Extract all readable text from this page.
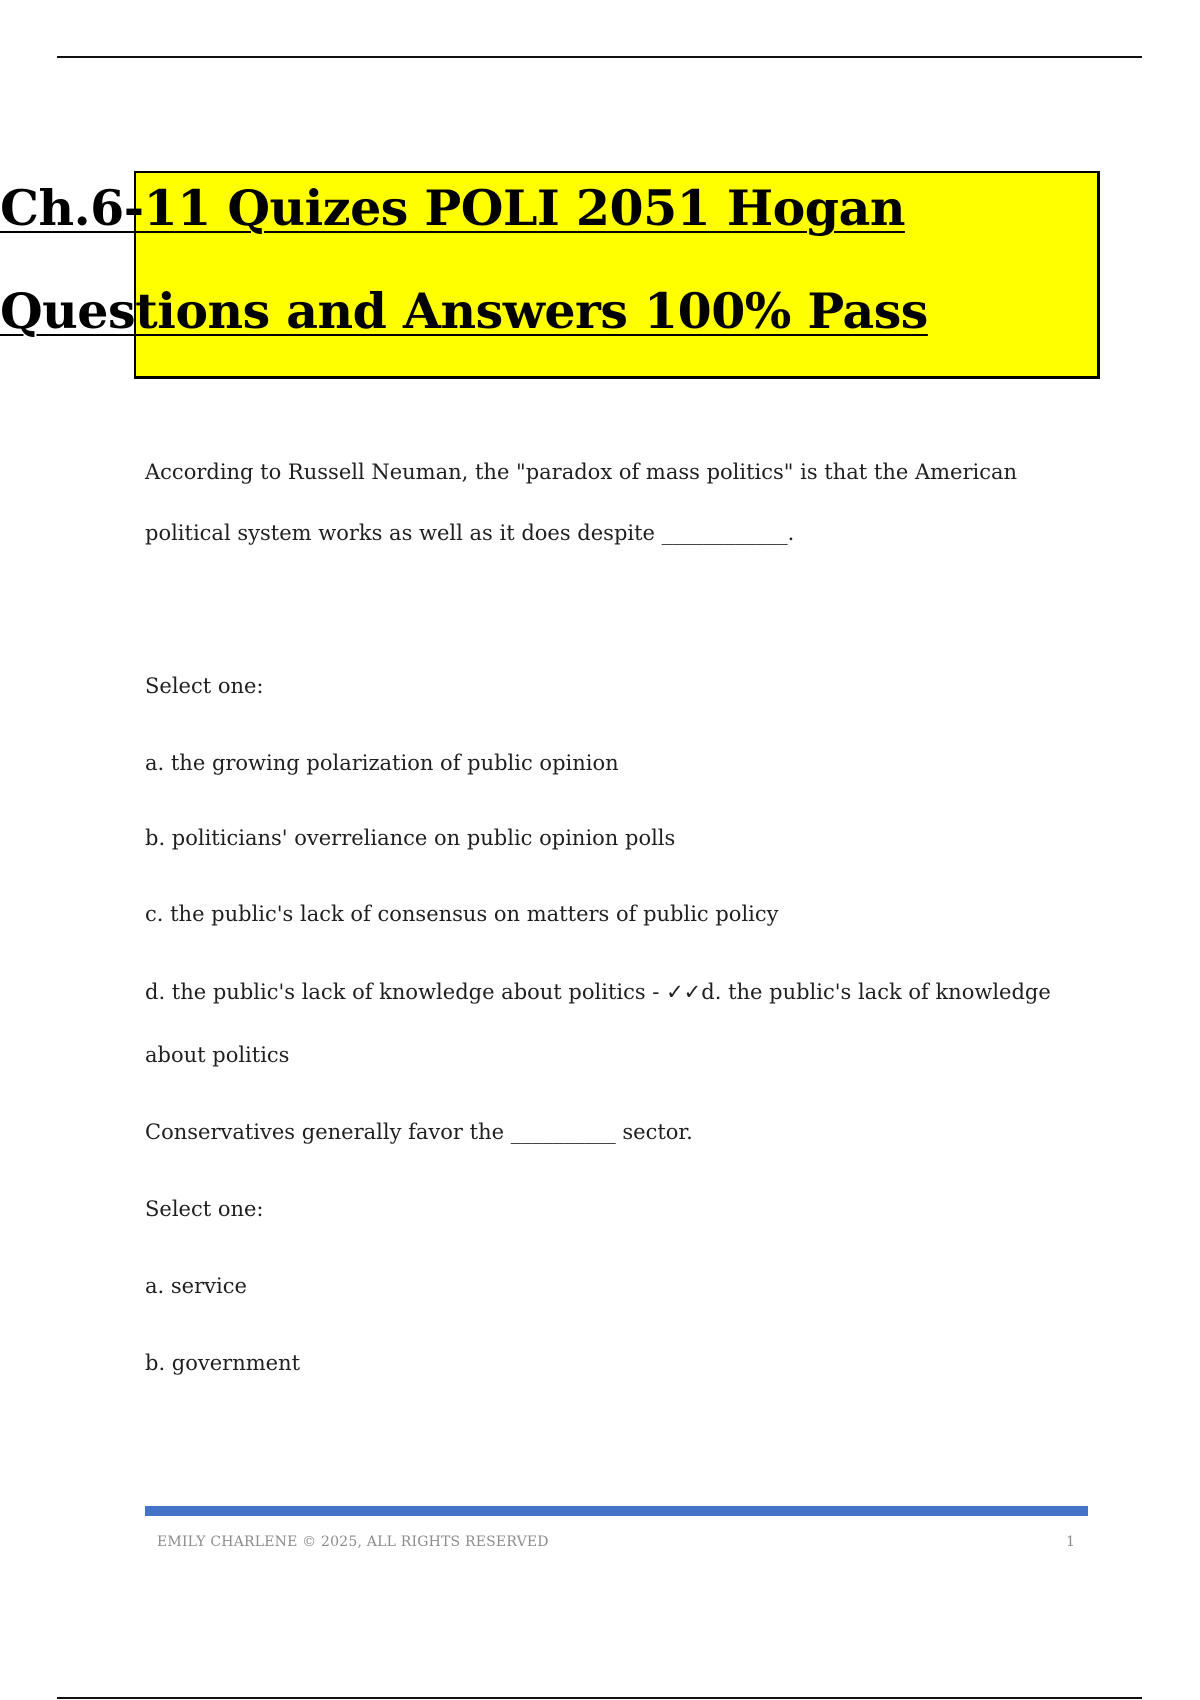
Ch.6-11 Quizes POLI 2051 Hogan
Questions and Answers 100% Pass
According to Russell Neuman, the "paradox of mass politics" is that the American
political system works as well as it does despite ____________.
Select one:
a. the growing polarization of public opinion
b. politicians' overreliance on public opinion polls
c. the public's lack of consensus on matters of public policy
d. the public's lack of knowledge about politics - ✓✓d. the public's lack of knowledge
about politics
Conservatives generally favor the __________ sector.
Select one:
a. service
b. government
EMILY CHARLENE © 2025, ALL RIGHTS RESERVED	1
